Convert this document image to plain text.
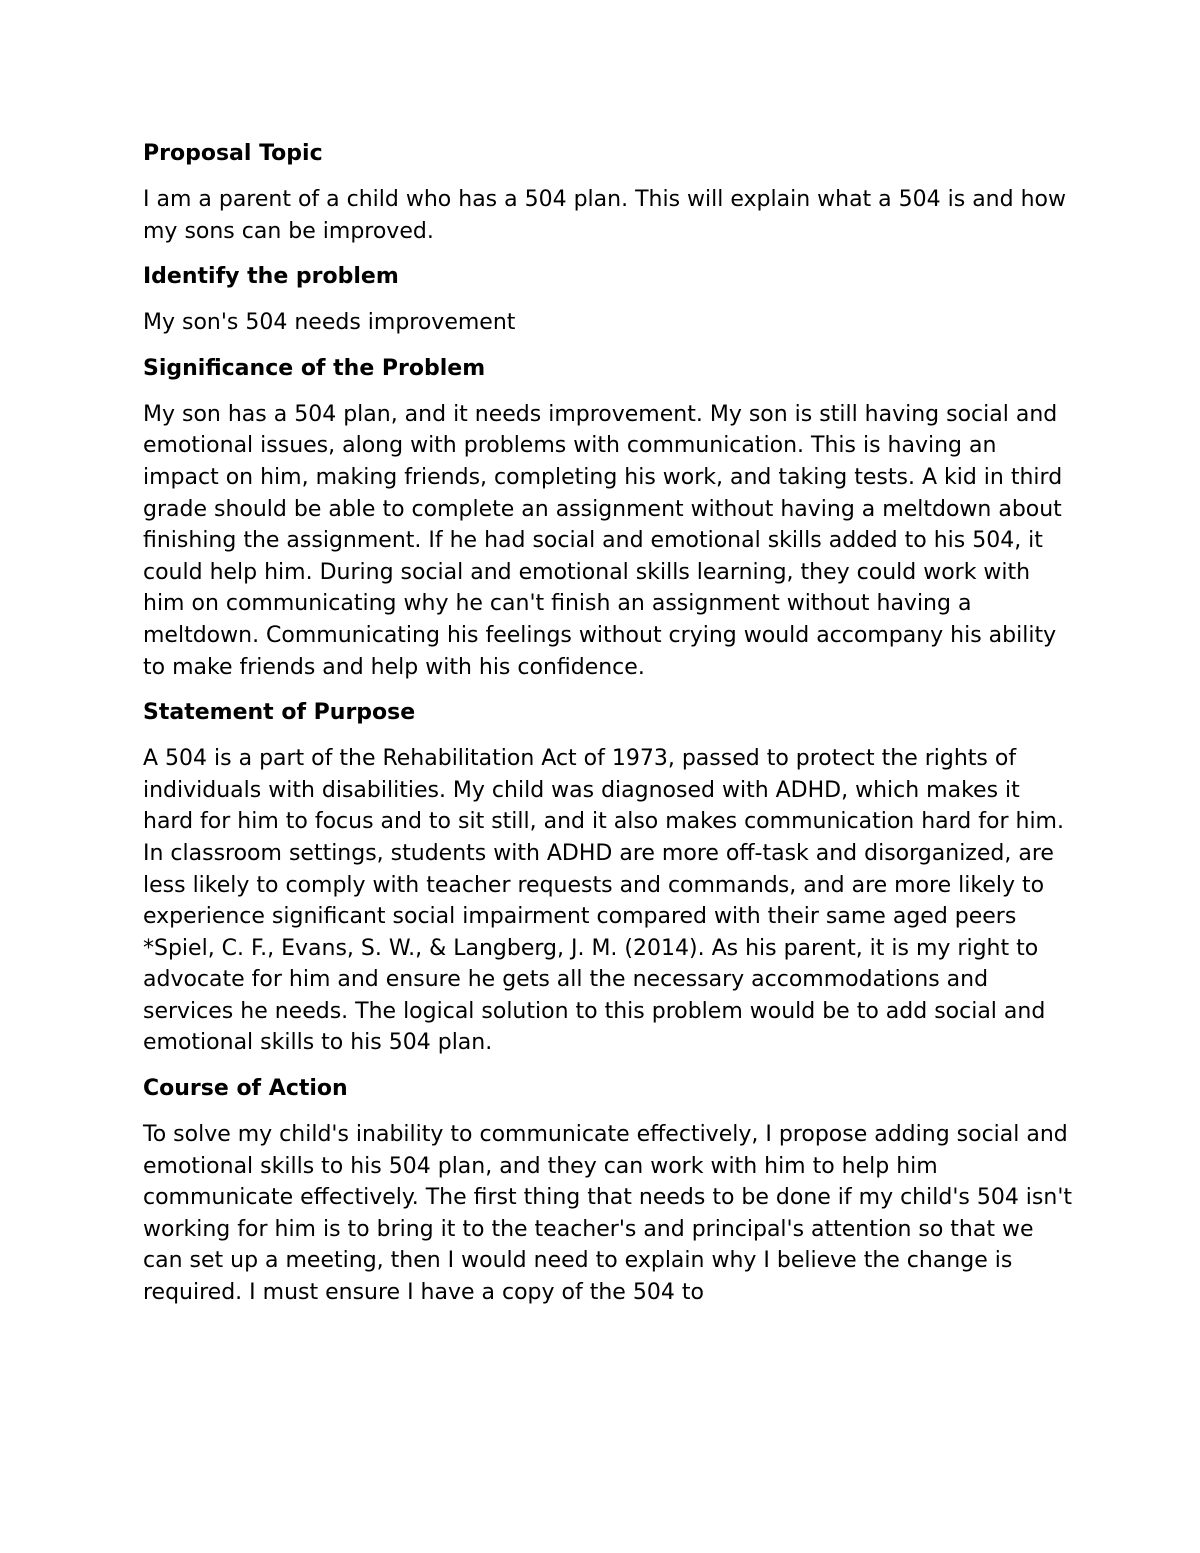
Proposal Topic

I am a parent of a child who has a 504 plan. This will explain what a 504 is and how my sons can be improved.

Identify the problem

My son's 504 needs improvement

Significance of the Problem

My son has a 504 plan, and it needs improvement. My son is still having social and emotional issues, along with problems with communication. This is having an impact on him, making friends, completing his work, and taking tests. A kid in third grade should be able to complete an assignment without having a meltdown about finishing the assignment. If he had social and emotional skills added to his 504, it could help him. During social and emotional skills learning, they could work with him on communicating why he can't finish an assignment without having a meltdown. Communicating his feelings without crying would accompany his ability to make friends and help with his confidence.

Statement of Purpose

A 504 is a part of the Rehabilitation Act of 1973, passed to protect the rights of individuals with disabilities. My child was diagnosed with ADHD, which makes it hard for him to focus and to sit still, and it also makes communication hard for him. In classroom settings, students with ADHD are more off-task and disorganized, are less likely to comply with teacher requests and commands, and are more likely to experience significant social impairment compared with their same aged peers *Spiel, C. F., Evans, S. W., & Langberg, J. M. (2014). As his parent, it is my right to advocate for him and ensure he gets all the necessary accommodations and services he needs. The logical solution to this problem would be to add social and emotional skills to his 504 plan.

Course of Action

To solve my child's inability to communicate effectively, I propose adding social and emotional skills to his 504 plan, and they can work with him to help him communicate effectively. The first thing that needs to be done if my child's 504 isn't working for him is to bring it to the teacher's and principal's attention so that we can set up a meeting, then I would need to explain why I believe the change is required. I must ensure I have a copy of the 504 to
